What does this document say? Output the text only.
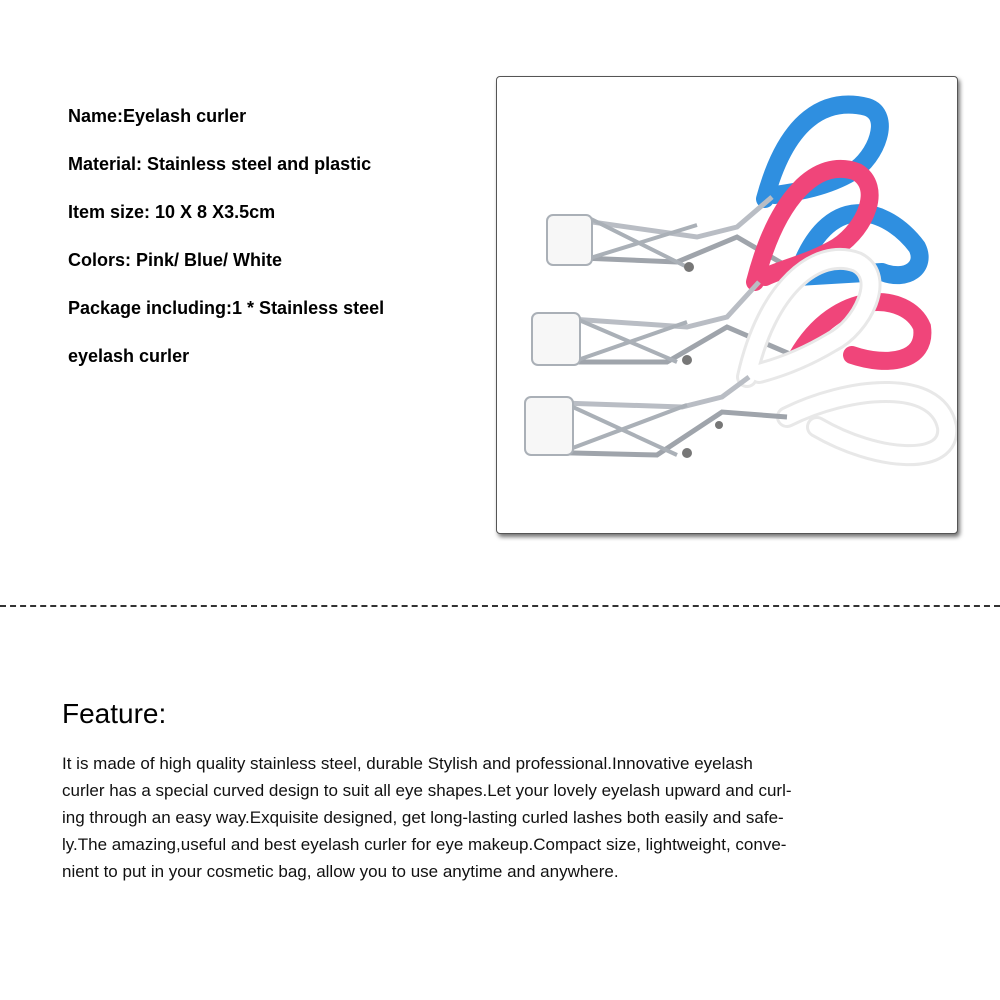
Name:Eyelash curler
Material: Stainless steel and plastic
Item size: 10 X 8 X3.5cm
Colors: Pink/ Blue/ White
Package including:1 * Stainless steel
eyelash curler
Feature:
It is made of high quality stainless steel, durable Stylish and professional.Innovative eyelash
curler has a special curved design to suit all eye shapes.Let your lovely eyelash upward and curl-
ing through an easy way.Exquisite designed, get long-lasting curled lashes both easily and safe-
ly.The amazing,useful and best eyelash curler for eye makeup.Compact size, lightweight, conve-
nient to put in your cosmetic bag, allow you to use anytime and anywhere.
